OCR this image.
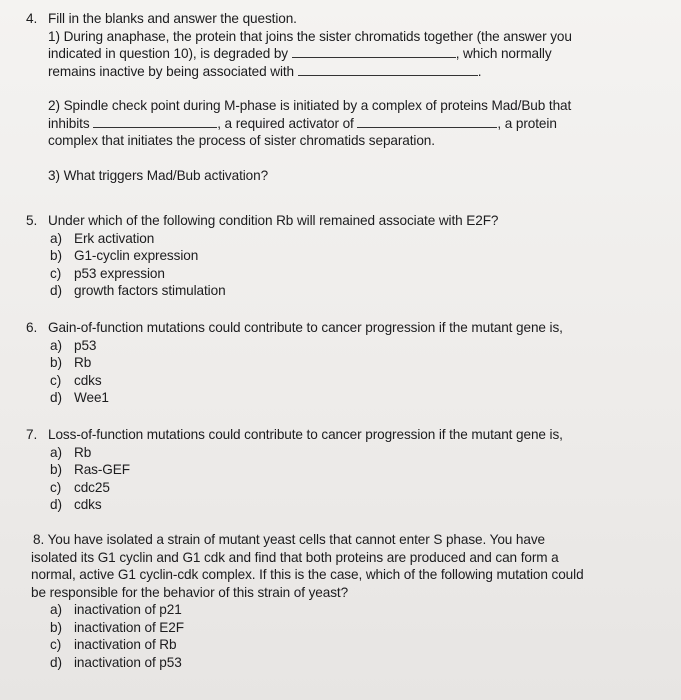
4. Fill in the blanks and answer the question.
1) During anaphase, the protein that joins the sister chromatids together (the answer you
indicated in question 10), is degraded by	, which normally
remains inactive by being associated with	.
2) Spindle check point during M-phase is initiated by a complex of proteins Mad/Bub that
inhibits	, a required activator of	, a protein
complex that initiates the process of sister chromatids separation.
3) What triggers Mad/Bub activation?
5. Under which of the following condition Rb will remained associate with E2F?
a) Erk activation
b) G1-cyclin expression
c) p53 expression
d) growth factors stimulation
6. Gain-of-function mutations could contribute to cancer progression if the mutant gene is,
a) p53
b) Rb
c) cdks
d) Wee1
7. Loss-of-function mutations could contribute to cancer progression if the mutant gene is,
a) Rb
b) Ras-GEF
c) cdc25
d) cdks
8. You have isolated a strain of mutant yeast cells that cannot enter S phase. You have
isolated its G1 cyclin and G1 cdk and find that both proteins are produced and can form a
normal, active G1 cyclin-cdk complex. If this is the case, which of the following mutation could
be responsible for the behavior of this strain of yeast?
a) inactivation of p21
b) inactivation of E2F
c) inactivation of Rb
d) inactivation of p53
